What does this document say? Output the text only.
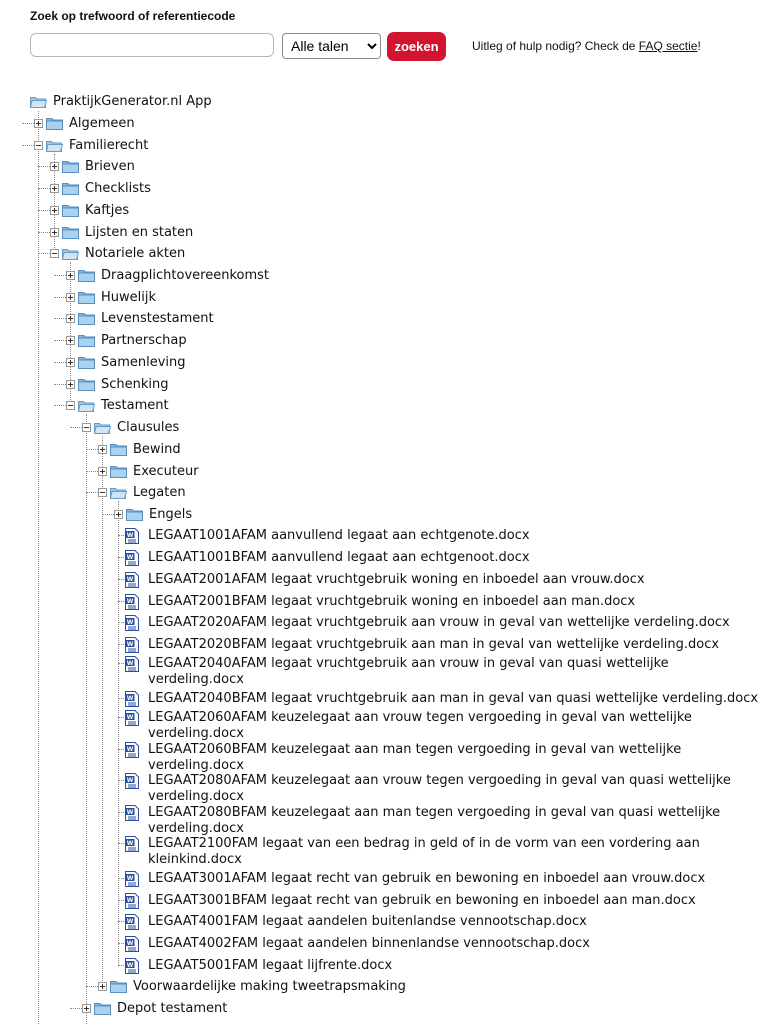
Zoek op trefwoord of referentiecode
Alle talen
zoeken	Uitleg of hulp nodig? Check de FAQ sectie!
PraktijkGenerator.nl App
Algemeen
Familierecht
Brieven
Checklists
Kaftjes
Lijsten en staten
Notariele akten
Draagplichtovereenkomst
Huwelijk
Levenstestament
Partnerschap
Samenleving
Schenking
Testament
Clausules
Bewind
Executeur
Legaten
Engels
W LEGAAT1001AFAM aanvullend legaat aan echtgenote.docx
W LEGAAT1001BFAM aanvullend legaat aan echtgenoot.docx
W LEGAAT2001AFAM legaat vruchtgebruik woning en inboedel aan vrouw.docx
W LEGAAT2001BFAM legaat vruchtgebruik woning en inboedel aan man.docx
W LEGAAT2020AFAM legaat vruchtgebruik aan vrouw in geval van wettelijke verdeling.docx
W LEGAAT2020BFAM legaat vruchtgebruik aan man in geval van wettelijke verdeling.docx
W LEGAAT2040AFAM legaat vruchtgebruik aan vrouw in geval van quasi wettelijke
verdeling.docx
W LEGAAT2040BFAM legaat vruchtgebruik aan man in geval van quasi wettelijke verdeling.docx
W LEGAAT2060AFAM keuzelegaat aan vrouw tegen vergoeding in geval van wettelijke
verdeling.docx
W LEGAAT2060BFAM keuzelegaat aan man tegen vergoeding in geval van wettelijke
verdeling.docx
W LEGAAT2080AFAM keuzelegaat aan vrouw tegen vergoeding in geval van quasi wettelijke
verdeling.docx
W LEGAAT2080BFAM keuzelegaat aan man tegen vergoeding in geval van quasi wettelijke
verdeling.docx
W LEGAAT2100FAM legaat van een bedrag in geld of in de vorm van een vordering aan
kleinkind.docx
W LEGAAT3001AFAM legaat recht van gebruik en bewoning en inboedel aan vrouw.docx
W LEGAAT3001BFAM legaat recht van gebruik en bewoning en inboedel aan man.docx
W LEGAAT4001FAM legaat aandelen buitenlandse vennootschap.docx
W LEGAAT4002FAM legaat aandelen binnenlandse vennootschap.docx
W LEGAAT5001FAM legaat lijfrente.docx
Voorwaardelijke making tweetrapsmaking
Depot testament
